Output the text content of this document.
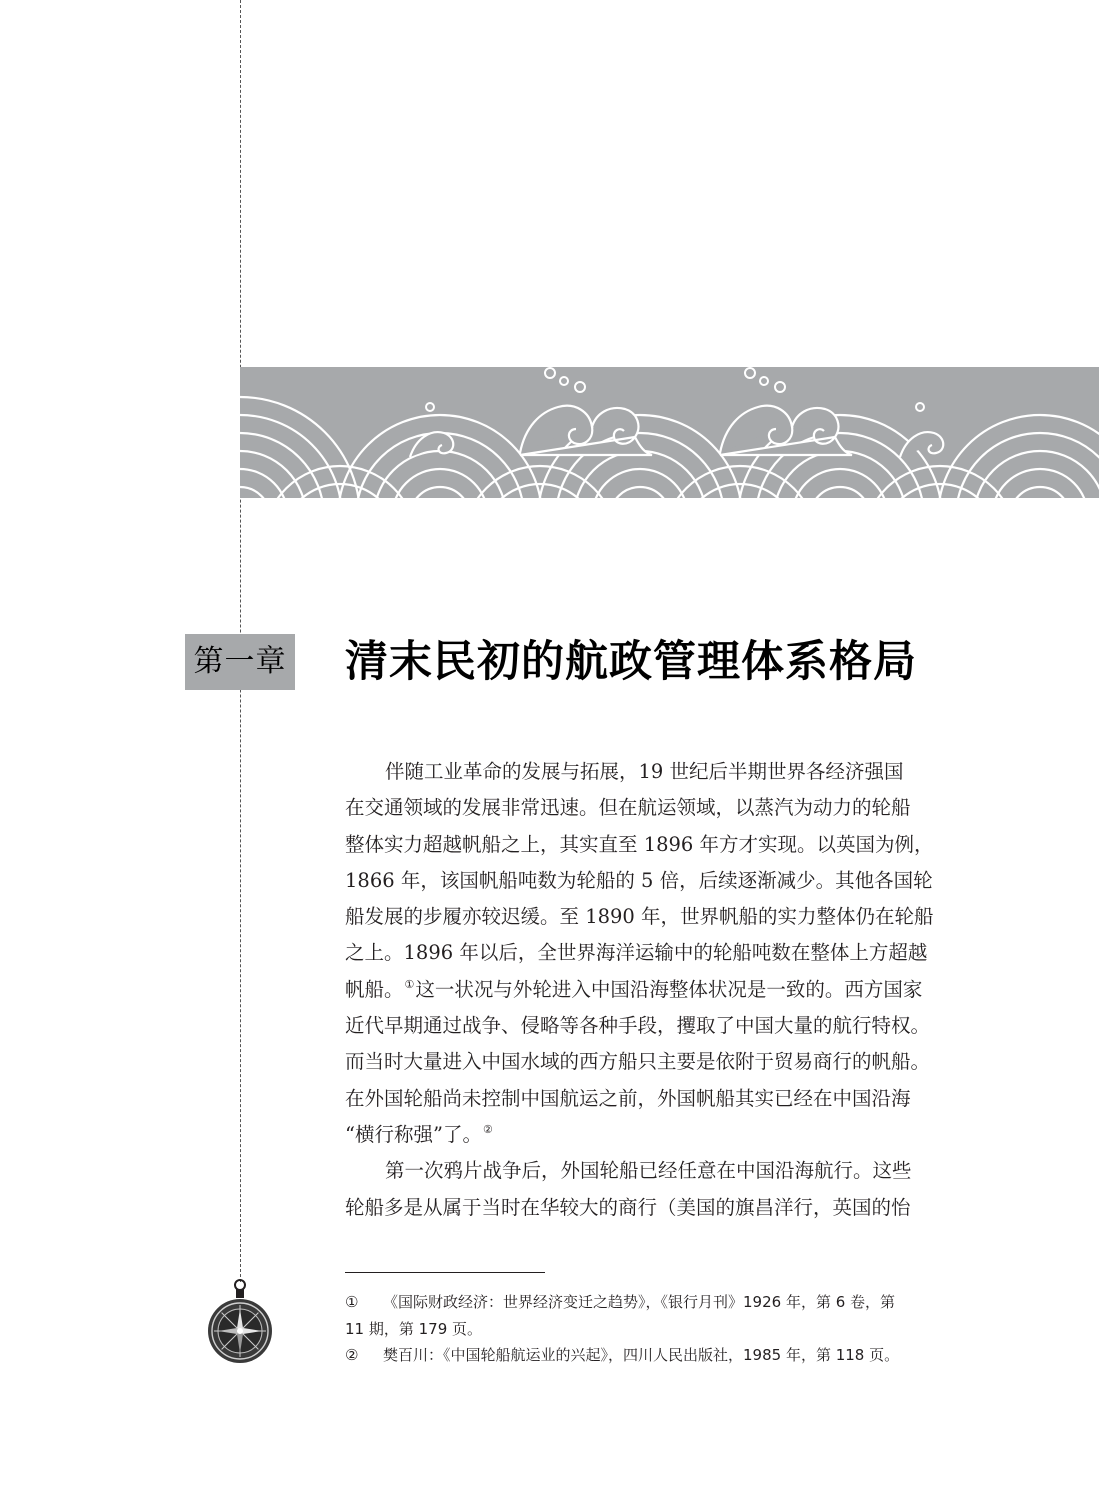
第一章 清末民初的航政管理体系格局
伴随工业革命的发展与拓展，19 世纪后半期世界各经济强国
在交通领域的发展非常迅速。但在航运领域，以蒸汽为动力的轮船
整体实力超越帆船之上，其实直至 1896 年方才实现。以英国为例，
1866 年，该国帆船吨数为轮船的 5 倍，后续逐渐减少。其他各国轮
船发展的步履亦较迟缓。至 1890 年，世界帆船的实力整体仍在轮船
之上。1896 年以后，全世界海洋运输中的轮船吨数在整体上方超越
帆船。①这一状况与外轮进入中国沿海整体状况是一致的。西方国家
近代早期通过战争、侵略等各种手段，攫取了中国大量的航行特权。
而当时大量进入中国水域的西方船只主要是依附于贸易商行的帆船。
在外国轮船尚未控制中国航运之前，外国帆船其实已经在中国沿海
“横行称强”了。②
第一次鸦片战争后，外国轮船已经任意在中国沿海航行。这些
轮船多是从属于当时在华较大的商行（美国的旗昌洋行，英国的怡
① 《国际财政经济：世界经济变迁之趋势》，《银行月刊》1926 年，第 6 卷，第
11 期，第 179 页。
② 樊百川：《中国轮船航运业的兴起》，四川人民出版社，1985 年，第 118 页。
